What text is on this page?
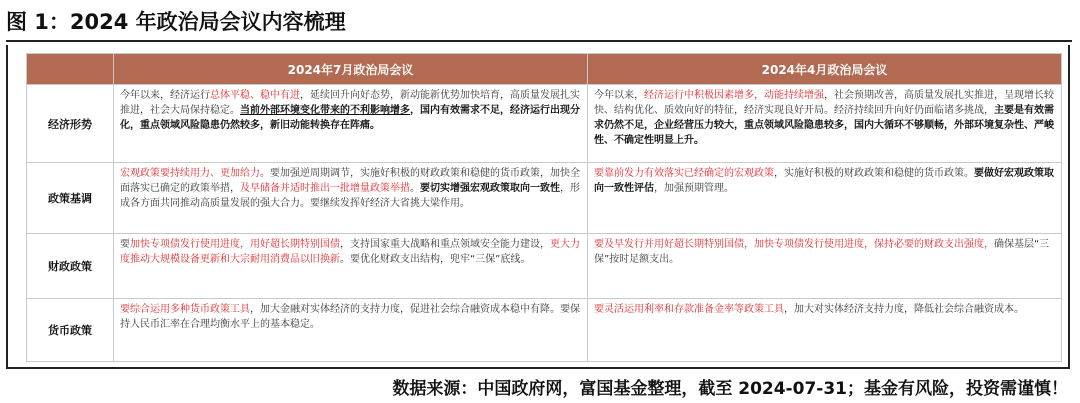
图 1：2024 年政治局会议内容梳理
	2024年7月政治局会议	2024年4月政治局会议
经济形势	今年以来，经济运行总体平稳、稳中有进，延续回升向好态势，新动能新优势加快培育，高质量发展扎实推进，社会大局保持稳定。当前外部环境变化带来的不利影响增多，国内有效需求不足，经济运行出现分化，重点领域风险隐患仍然较多，新旧动能转换存在阵痛。	今年以来，经济运行中积极因素增多，动能持续增强，社会预期改善，高质量发展扎实推进，呈现增长较快、结构优化、质效向好的特征，经济实现良好开局。经济持续回升向好仍面临诸多挑战，主要是有效需求仍然不足，企业经营压力较大，重点领域风险隐患较多，国内大循环不够顺畅，外部环境复杂性、严峻性、不确定性明显上升。
政策基调	宏观政策要持续用力、更加给力。要加强逆周期调节，实施好积极的财政政策和稳健的货币政策，加快全面落实已确定的政策举措，及早储备并适时推出一批增量政策举措。要切实增强宏观政策取向一致性，形成各方面共同推动高质量发展的强大合力。要继续发挥好经济大省挑大梁作用。	要靠前发力有效落实已经确定的宏观政策，实施好积极的财政政策和稳健的货币政策。要做好宏观政策取向一致性评估，加强预期管理。
财政政策	要加快专项债发行使用进度，用好超长期特别国债，支持国家重大战略和重点领域安全能力建设，更大力度推动大规模设备更新和大宗耐用消费品以旧换新。要优化财政支出结构，兜牢“三保”底线。	要及早发行并用好超长期特别国债，加快专项债发行使用进度，保持必要的财政支出强度，确保基层“三保”按时足额支出。
货币政策	要综合运用多种货币政策工具，加大金融对实体经济的支持力度，促进社会综合融资成本稳中有降。要保持人民币汇率在合理均衡水平上的基本稳定。	要灵活运用利率和存款准备金率等政策工具，加大对实体经济支持力度，降低社会综合融资成本。
数据来源：中国政府网，富国基金整理，截至 2024-07-31；基金有风险，投资需谨慎！
